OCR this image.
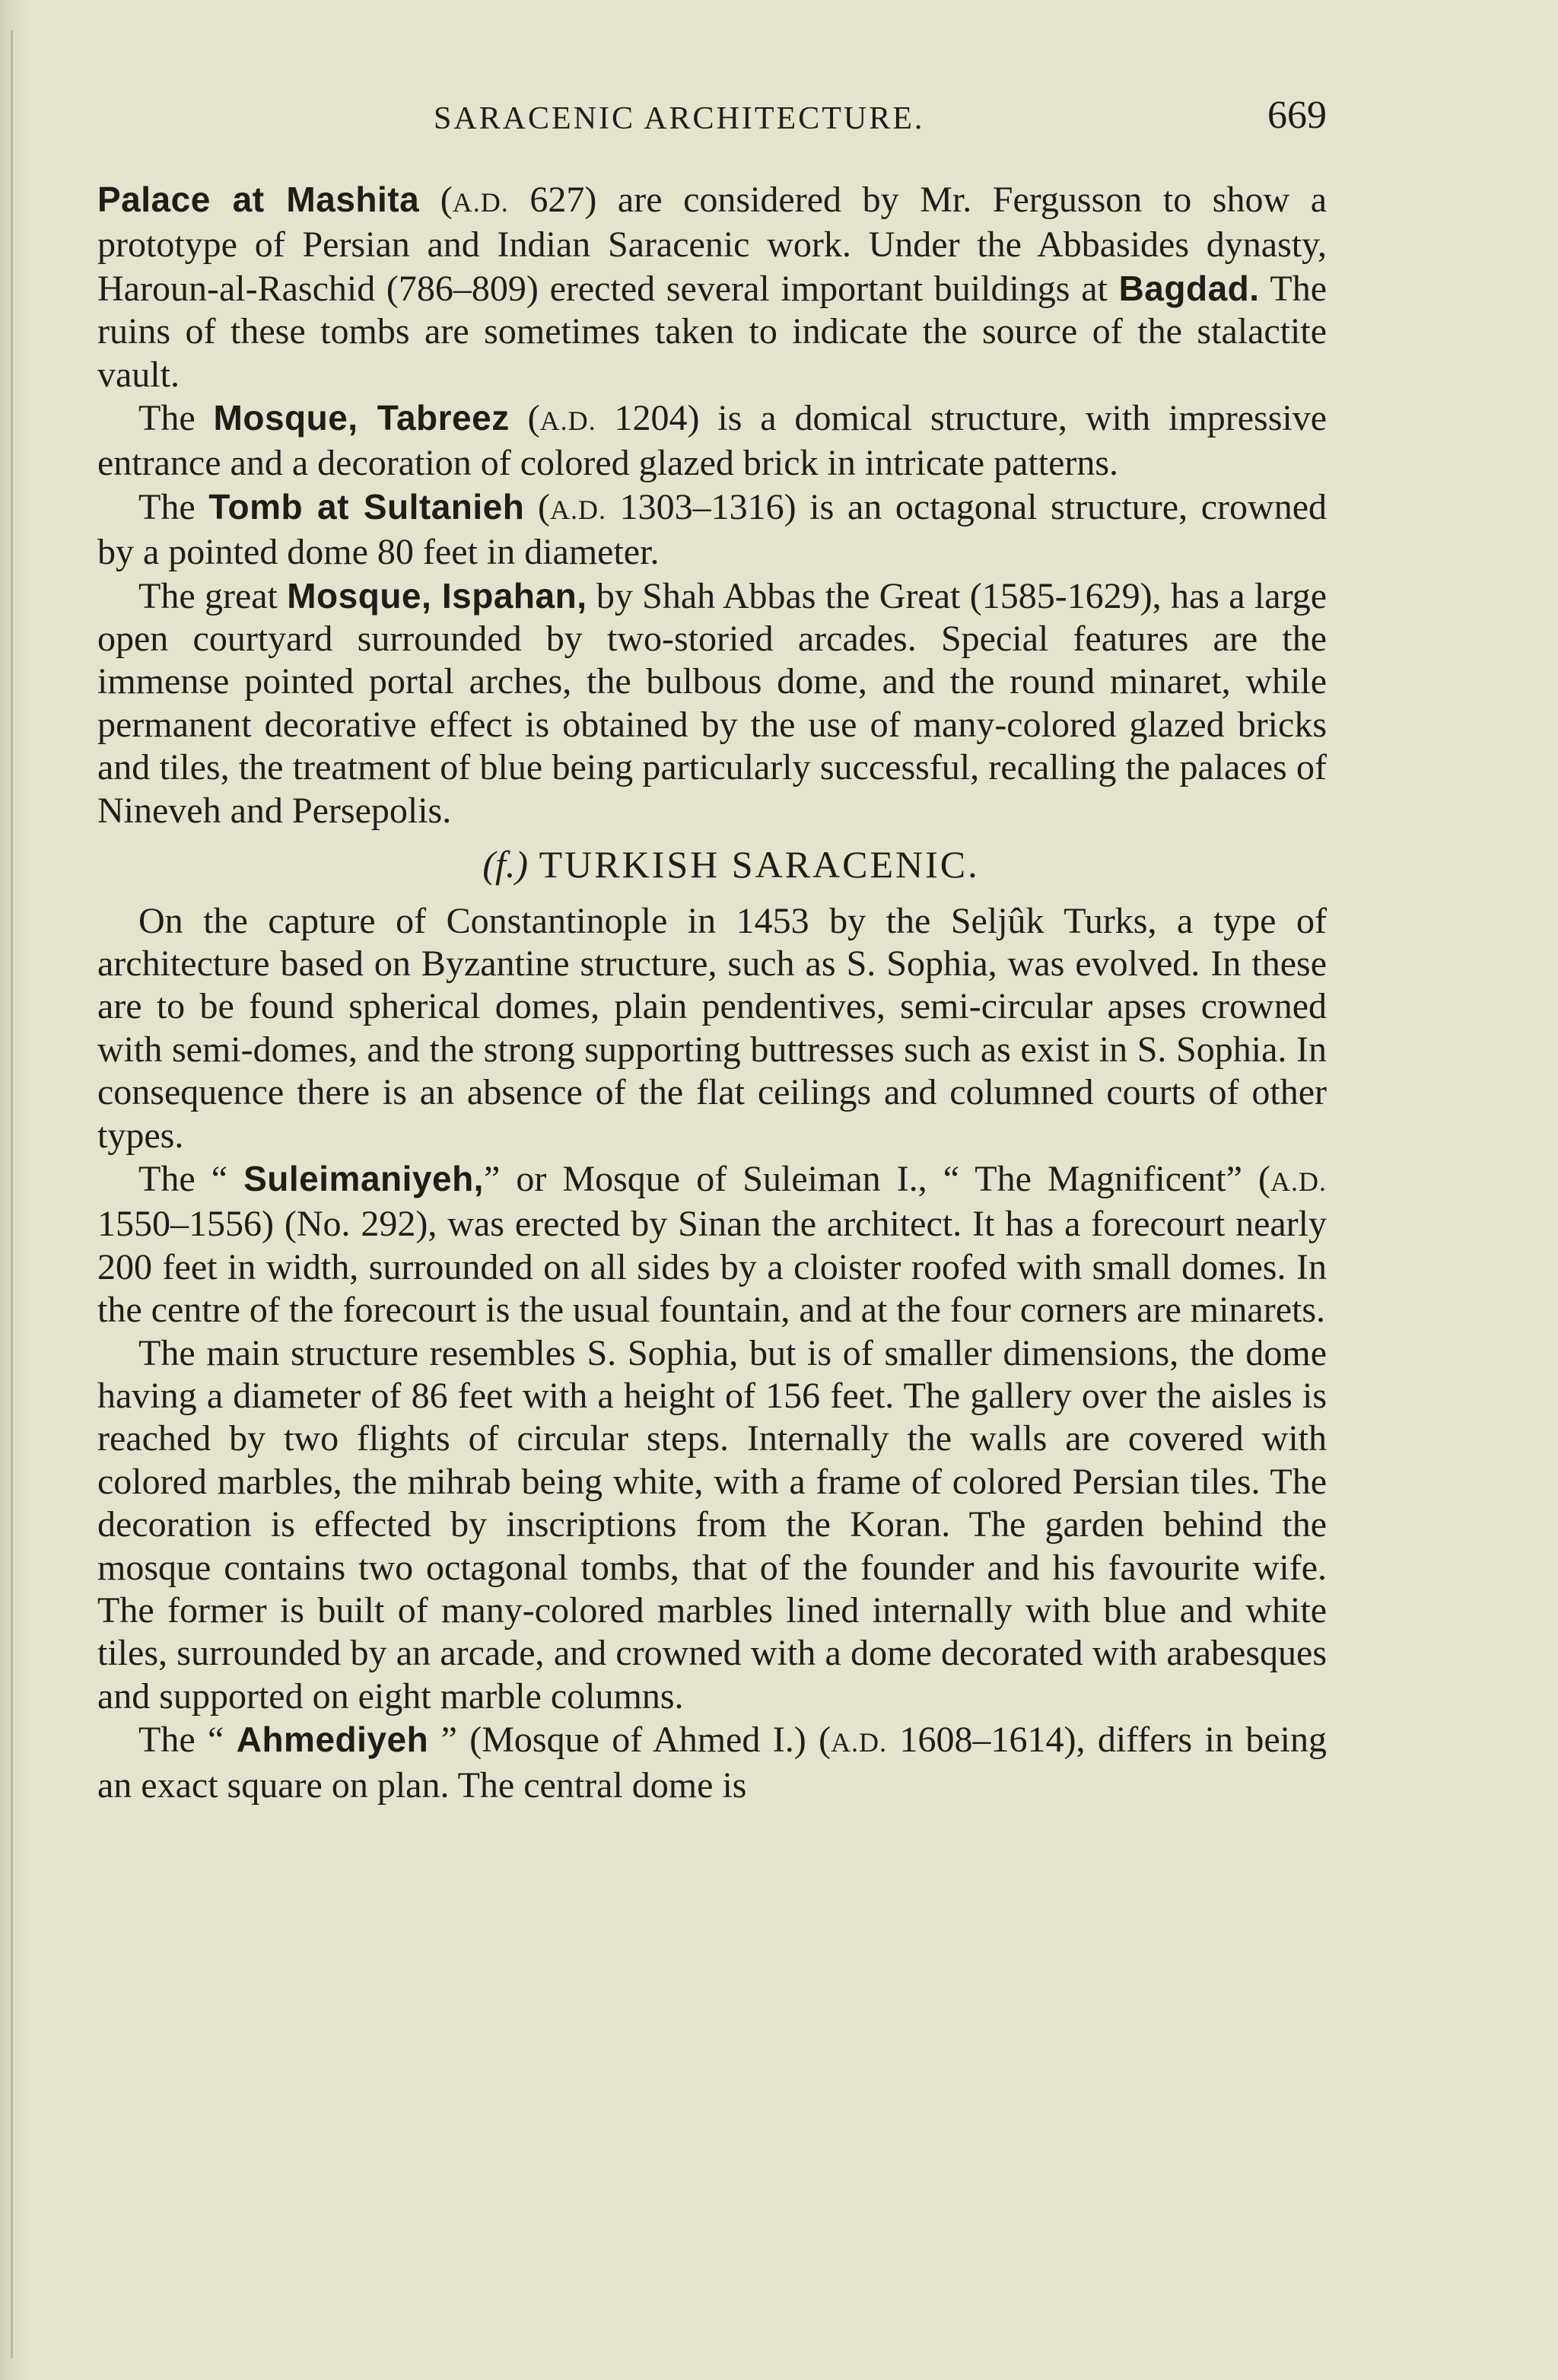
SARACENIC ARCHITECTURE.	669

Palace at Mashita (A.D. 627) are considered by Mr. Fergusson to show a prototype of Persian and Indian Saracenic work. Under the Abbasides dynasty, Haroun-al-Raschid (786–809) erected several important buildings at Bagdad. The ruins of these tombs are sometimes taken to indicate the source of the stalactite vault.

The Mosque, Tabreez (A.D. 1204) is a domical structure, with impressive entrance and a decoration of colored glazed brick in intricate patterns.

The Tomb at Sultanieh (A.D. 1303–1316) is an octagonal structure, crowned by a pointed dome 80 feet in diameter.

The great Mosque, Ispahan, by Shah Abbas the Great (1585-1629), has a large open courtyard surrounded by two-storied arcades. Special features are the immense pointed portal arches, the bulbous dome, and the round minaret, while permanent decorative effect is obtained by the use of many-colored glazed bricks and tiles, the treatment of blue being particularly successful, recalling the palaces of Nineveh and Persepolis.

(f.) TURKISH SARACENIC.

On the capture of Constantinople in 1453 by the Seljûk Turks, a type of architecture based on Byzantine structure, such as S. Sophia, was evolved. In these are to be found spherical domes, plain pendentives, semi-circular apses crowned with semi-domes, and the strong supporting buttresses such as exist in S. Sophia. In consequence there is an absence of the flat ceilings and columned courts of other types.

The “ Suleimaniyeh,” or Mosque of Suleiman I., “ The Magnificent” (A.D. 1550–1556) (No. 292), was erected by Sinan the architect. It has a forecourt nearly 200 feet in width, surrounded on all sides by a cloister roofed with small domes. In the centre of the forecourt is the usual fountain, and at the four corners are minarets.

The main structure resembles S. Sophia, but is of smaller dimensions, the dome having a diameter of 86 feet with a height of 156 feet. The gallery over the aisles is reached by two flights of circular steps. Internally the walls are covered with colored marbles, the mihrab being white, with a frame of colored Persian tiles. The decoration is effected by inscriptions from the Koran. The garden behind the mosque contains two octagonal tombs, that of the founder and his favourite wife. The former is built of many-colored marbles lined internally with blue and white tiles, surrounded by an arcade, and crowned with a dome decorated with arabesques and supported on eight marble columns.

The “ Ahmediyeh ” (Mosque of Ahmed I.) (A.D. 1608–1614), differs in being an exact square on plan. The central dome is
